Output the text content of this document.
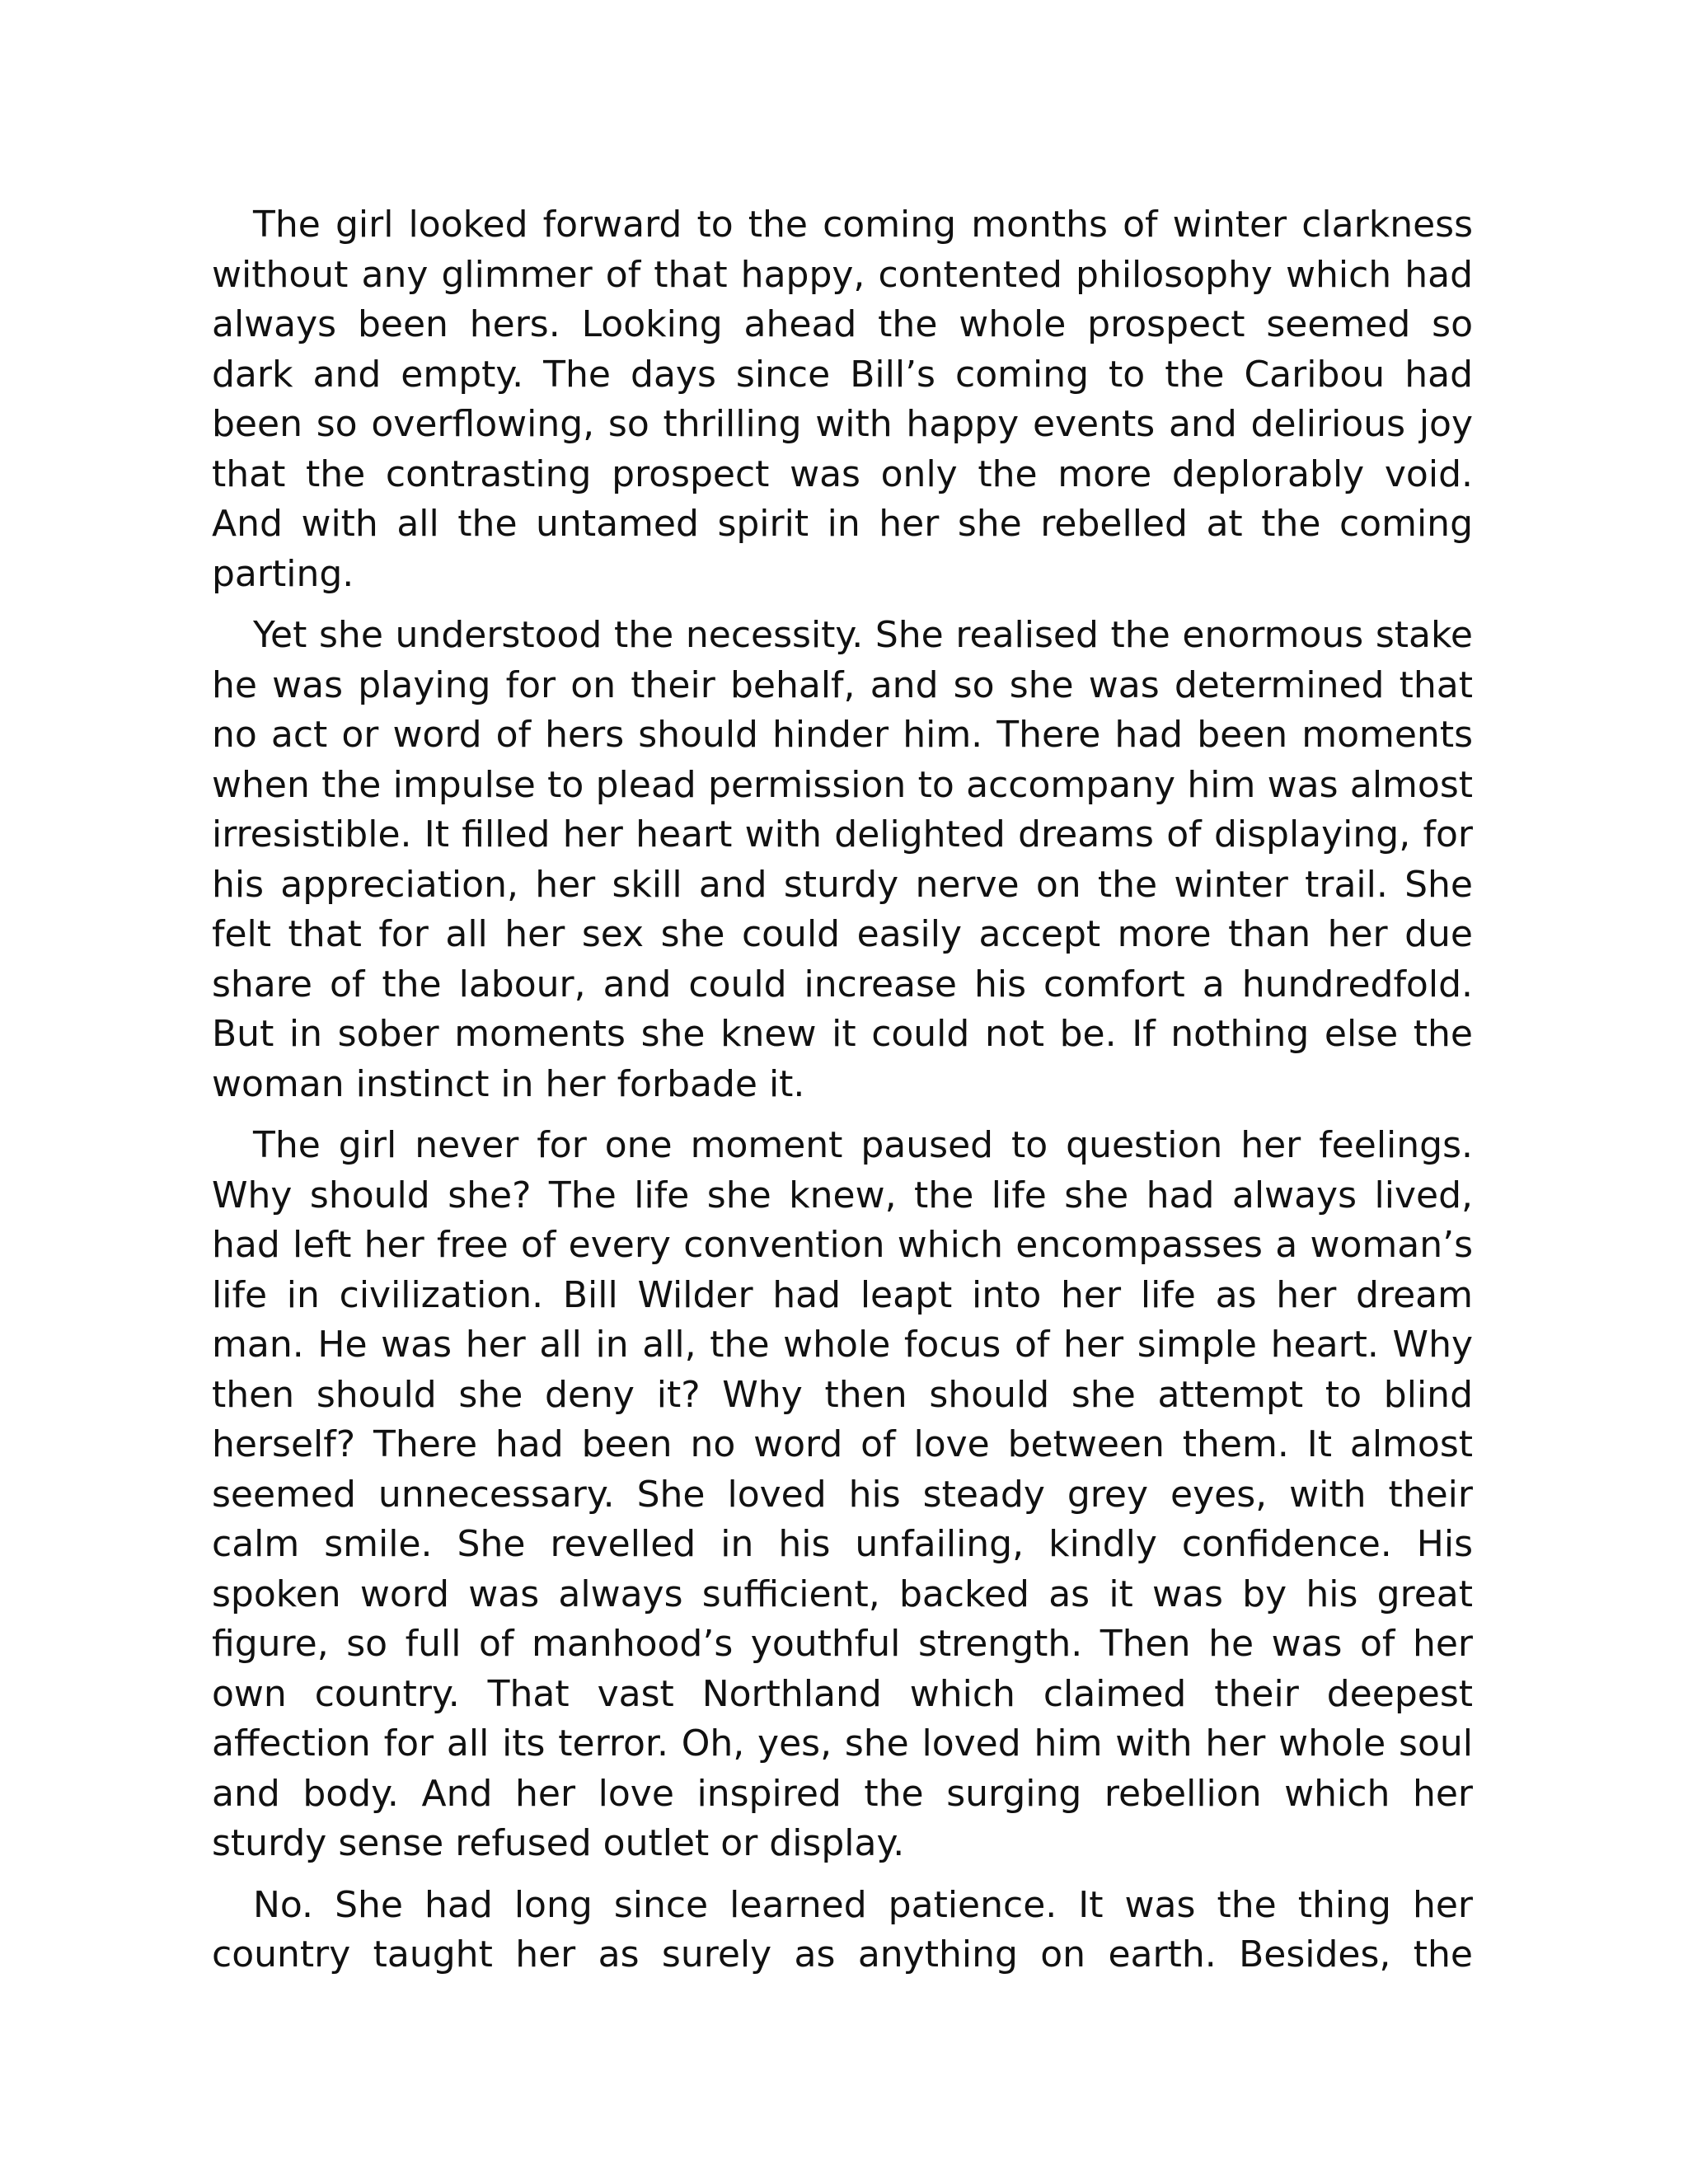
The girl looked forward to the coming months of winter clarkness without any glimmer of that happy, contented philosophy which had always been hers. Looking ahead the whole prospect seemed so dark and empty. The days since Bill’s coming to the Caribou had been so overflowing, so thrilling with happy events and delirious joy that the contrasting prospect was only the more deplorably void. And with all the untamed spirit in her she rebelled at the coming parting.

Yet she understood the necessity. She realised the enormous stake he was playing for on their behalf, and so she was determined that no act or word of hers should hinder him. There had been moments when the impulse to plead permission to accompany him was almost irresistible. It filled her heart with delighted dreams of displaying, for his appreciation, her skill and sturdy nerve on the winter trail. She felt that for all her sex she could easily accept more than her due share of the labour, and could increase his comfort a hundredfold. But in sober moments she knew it could not be. If nothing else the woman instinct in her forbade it.

The girl never for one moment paused to question her feelings. Why should she? The life she knew, the life she had always lived, had left her free of every convention which encompasses a woman’s life in civilization. Bill Wilder had leapt into her life as her dream man. He was her all in all, the whole focus of her simple heart. Why then should she deny it? Why then should she attempt to blind herself? There had been no word of love between them. It almost seemed unnecessary. She loved his steady grey eyes, with their calm smile. She revelled in his unfailing, kindly confidence. His spoken word was always sufficient, backed as it was by his great figure, so full of manhood’s youthful strength. Then he was of her own country. That vast Northland which claimed their deepest affection for all its terror. Oh, yes, she loved him with her whole soul and body. And her love inspired the surging rebellion which her sturdy sense refused outlet or display.

No. She had long since learned patience. It was the thing her country taught her as surely as anything on earth. Besides, the
